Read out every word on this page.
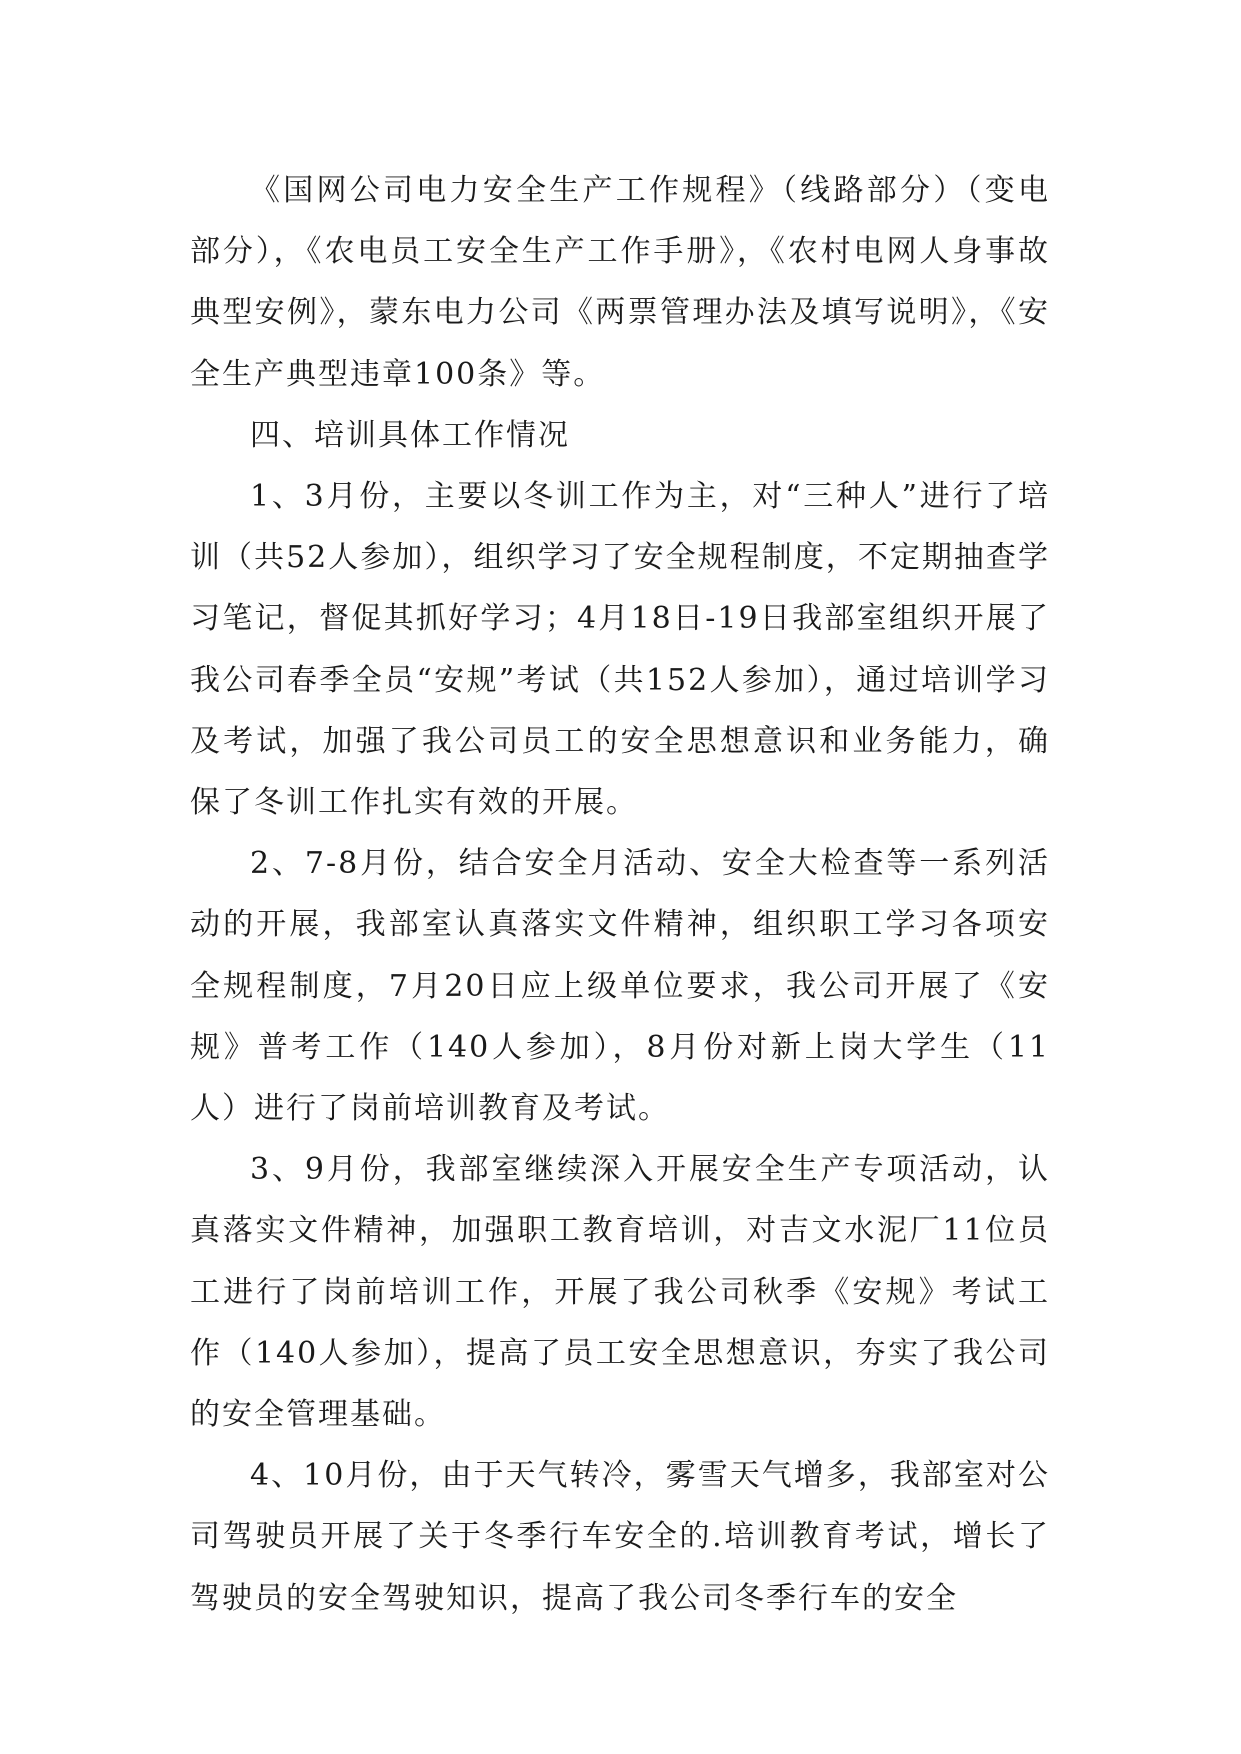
《国网公司电力安全生产工作规程》（线路部分）（变电部分），《农电员工安全生产工作手册》，《农村电网人身事故典型安例》，蒙东电力公司《两票管理办法及填写说明》，《安全生产典型违章100条》等。

四、培训具体工作情况

1、3月份，主要以冬训工作为主，对“三种人”进行了培训（共52人参加），组织学习了安全规程制度，不定期抽查学习笔记，督促其抓好学习；4月18日-19日我部室组织开展了我公司春季全员“安规”考试（共152人参加），通过培训学习及考试，加强了我公司员工的安全思想意识和业务能力，确保了冬训工作扎实有效的开展。

2、7-8月份，结合安全月活动、安全大检查等一系列活动的开展，我部室认真落实文件精神，组织职工学习各项安全规程制度，7月20日应上级单位要求，我公司开展了《安规》普考工作（140人参加），8月份对新上岗大学生（11人）进行了岗前培训教育及考试。

3、9月份，我部室继续深入开展安全生产专项活动，认真落实文件精神，加强职工教育培训，对吉文水泥厂11位员工进行了岗前培训工作，开展了我公司秋季《安规》考试工作（140人参加），提高了员工安全思想意识，夯实了我公司的安全管理基础。

4、10月份，由于天气转冷，雾雪天气增多，我部室对公司驾驶员开展了关于冬季行车安全的.培训教育考试，增长了驾驶员的安全驾驶知识，提高了我公司冬季行车的安全
